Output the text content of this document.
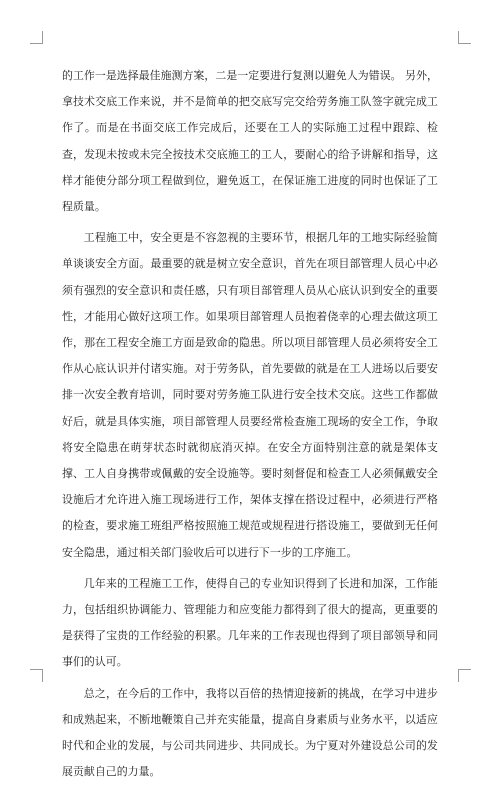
的工作一是选择最佳施测方案，二是一定要进行复测以避免人为错误。 另外，拿技术交底工作来说，并不是简单的把交底写完交给劳务施工队签字就完成工作了。而是在书面交底工作完成后，还要在工人的实际施工过程中跟踪、检查，发现未按或未完全按技术交底施工的工人，要耐心的给予讲解和指导，这样才能使分部分项工程做到位，避免返工，在保证施工进度的同时也保证了工程质量。

工程施工中，安全更是不容忽视的主要环节，根据几年的工地实际经验简单谈谈安全方面。最重要的就是树立安全意识，首先在项目部管理人员心中必须有强烈的安全意识和责任感，只有项目部管理人员从心底认识到安全的重要性，才能用心做好这项工作。如果项目部管理人员抱着侥幸的心理去做这项工作，那在工程安全施工方面是致命的隐患。所以项目部管理人员必须将安全工作从心底认识并付诸实施。对于劳务队，首先要做的就是在工人进场以后要安排一次安全教育培训，同时要对劳务施工队进行安全技术交底。这些工作都做好后，就是具体实施，项目部管理人员要经常检查施工现场的安全工作，争取将安全隐患在萌芽状态时就彻底消灭掉。在安全方面特别注意的就是架体支撑、工人自身携带或佩戴的安全设施等。要时刻督促和检查工人必须佩戴安全设施后才允许进入施工现场进行工作，架体支撑在搭设过程中，必须进行严格的检查，要求施工班组严格按照施工规范或规程进行搭设施工，要做到无任何安全隐患，通过相关部门验收后可以进行下一步的工序施工。

几年来的工程施工工作，使得自己的专业知识得到了长进和加深，工作能力，包括组织协调能力、管理能力和应变能力都得到了很大的提高，更重要的是获得了宝贵的工作经验的积累。几年来的工作表现也得到了项目部领导和同事们的认可。

总之，在今后的工作中，我将以百倍的热情迎接新的挑战，在学习中进步和成熟起来，不断地鞭策自己并充实能量，提高自身素质与业务水平，以适应时代和企业的发展，与公司共同进步、共同成长。为宁夏对外建设总公司的发展贡献自己的力量。
